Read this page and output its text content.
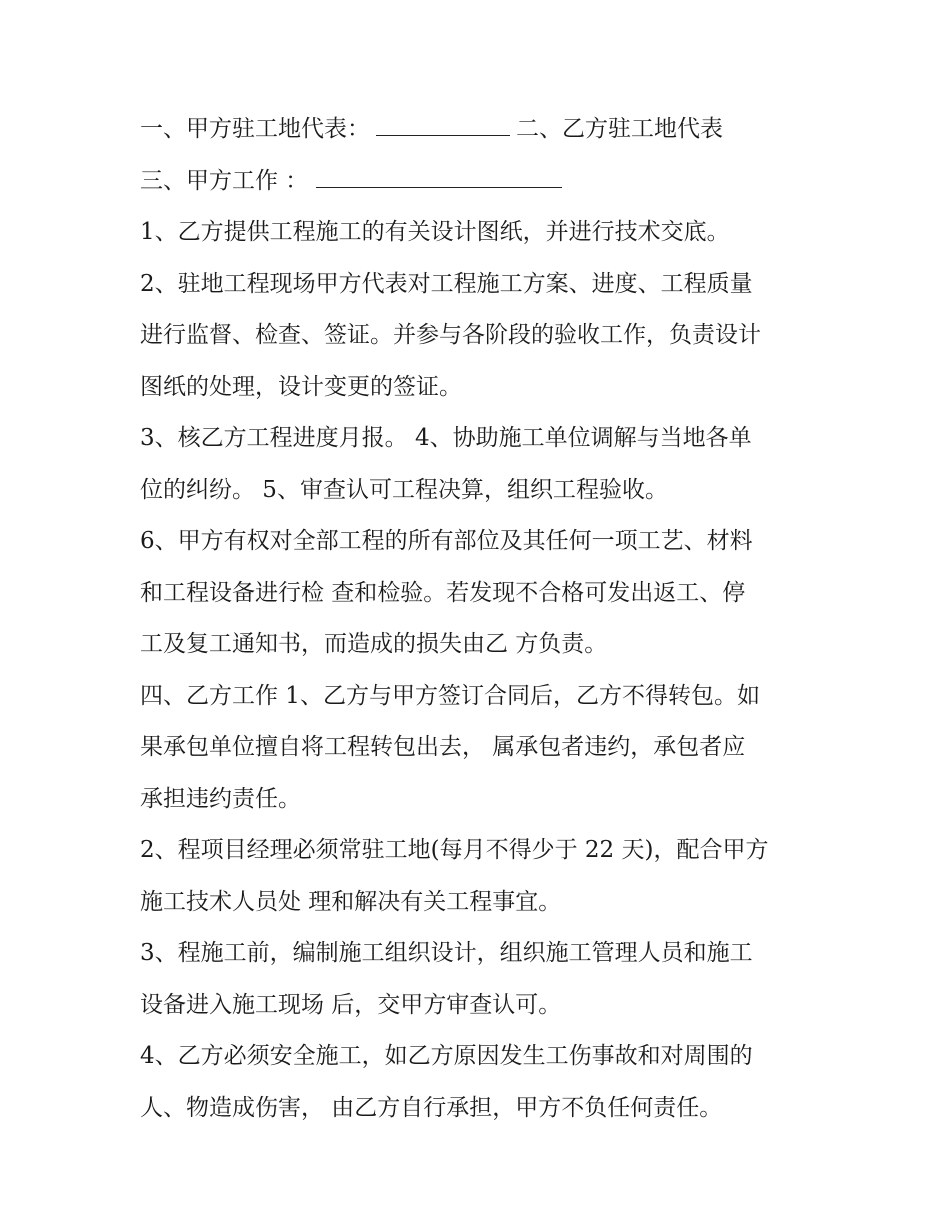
一、甲方驻工地代表：	二、乙方驻工地代表
三、甲方工作 ：
1、乙方提供工程施工的有关设计图纸，并进行技术交底。
2、驻地工程现场甲方代表对工程施工方案、进度、工程质量
进行监督、检查、签证。并参与各阶段的验收工作，负责设计
图纸的处理，设计变更的签证。
3、核乙方工程进度月报。 4、协助施工单位调解与当地各单
位的纠纷。 5、审查认可工程决算，组织工程验收。
6、甲方有权对全部工程的所有部位及其任何一项工艺、材料
和工程设备进行检 查和检验。若发现不合格可发出返工、停
工及复工通知书，而造成的损失由乙 方负责。
四、乙方工作 1、乙方与甲方签订合同后，乙方不得转包。如
果承包单位擅自将工程转包出去， 属承包者违约，承包者应
承担违约责任。
2、程项目经理必须常驻工地(每月不得少于 22 天)，配合甲方
施工技术人员处 理和解决有关工程事宜。
3、程施工前，编制施工组织设计，组织施工管理人员和施工
设备进入施工现场 后，交甲方审查认可。
4、乙方必须安全施工，如乙方原因发生工伤事故和对周围的
人、物造成伤害， 由乙方自行承担，甲方不负任何责任。
